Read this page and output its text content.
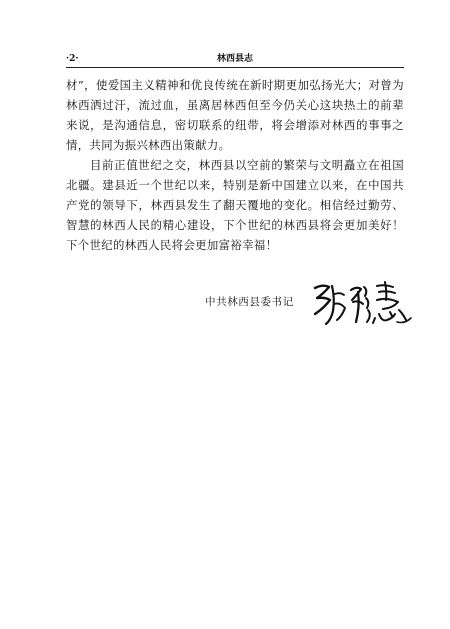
·2·	林西县志

材”，使爱国主义精神和优良传统在新时期更加弘扬光大；对曾为林西洒过汗，流过血，虽离居林西但至今仍关心这块热土的前辈来说，是沟通信息，密切联系的纽带，将会增添对林西的事事之情，共同为振兴林西出策献力。

目前正值世纪之交，林西县以空前的繁荣与文明矗立在祖国北疆。建县近一个世纪以来，特别是新中国建立以来，在中国共产党的领导下，林西县发生了翻天覆地的变化。相信经过勤劳、智慧的林西人民的精心建设，下个世纪的林西县将会更加美好！下个世纪的林西人民将会更加富裕幸福！

中共林西县委书记
